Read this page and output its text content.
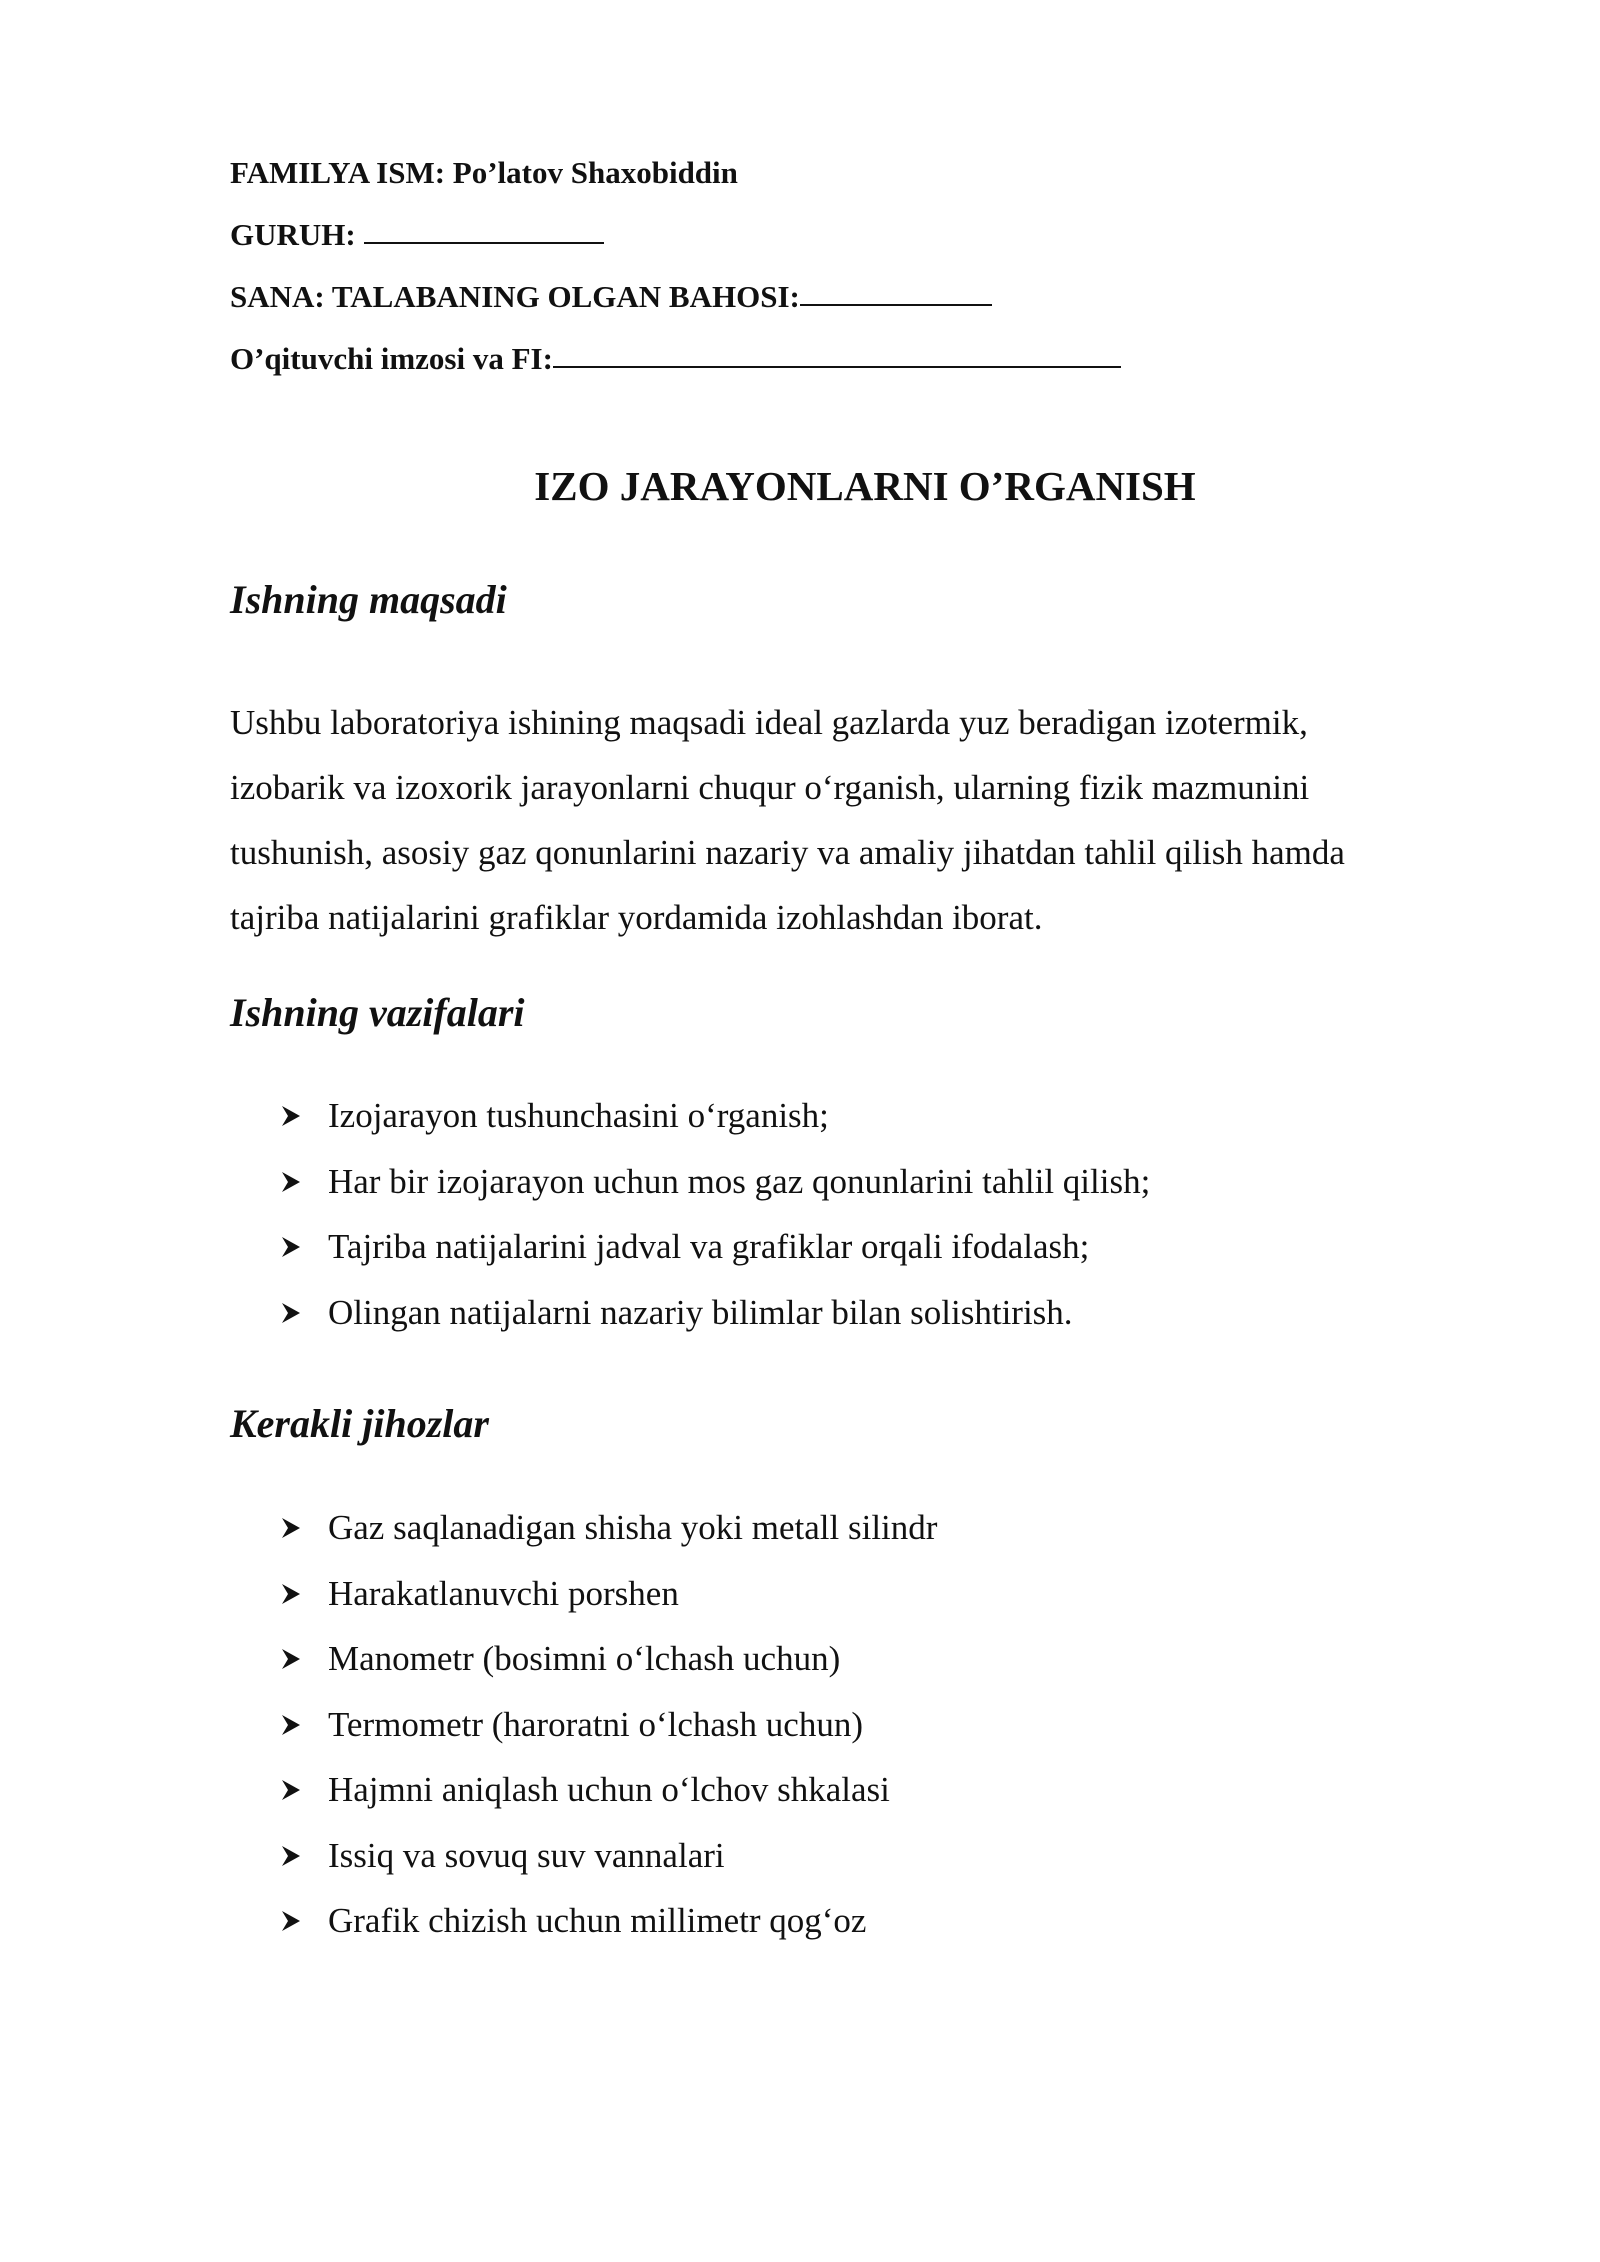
FAMILYA ISM: Po’latov Shaxobiddin
GURUH:
SANA: TALABANING OLGAN BAHOSI:
O’qituvchi imzosi va FI:
IZO JARAYONLARNI O’RGANISH
Ishning maqsadi
Ushbu laboratoriya ishining maqsadi ideal gazlarda yuz beradigan izotermik,
izobarik va izoxorik jarayonlarni chuqur o‘rganish, ularning fizik mazmunini
tushunish, asosiy gaz qonunlarini nazariy va amaliy jihatdan tahlil qilish hamda
tajriba natijalarini grafiklar yordamida izohlashdan iborat.
Ishning vazifalari
Izojarayon tushunchasini o‘rganish;
Har bir izojarayon uchun mos gaz qonunlarini tahlil qilish;
Tajriba natijalarini jadval va grafiklar orqali ifodalash;
Olingan natijalarni nazariy bilimlar bilan solishtirish.
Kerakli jihozlar
Gaz saqlanadigan shisha yoki metall silindr
Harakatlanuvchi porshen
Manometr (bosimni o‘lchash uchun)
Termometr (haroratni o‘lchash uchun)
Hajmni aniqlash uchun o‘lchov shkalasi
Issiq va sovuq suv vannalari
Grafik chizish uchun millimetr qog‘oz
